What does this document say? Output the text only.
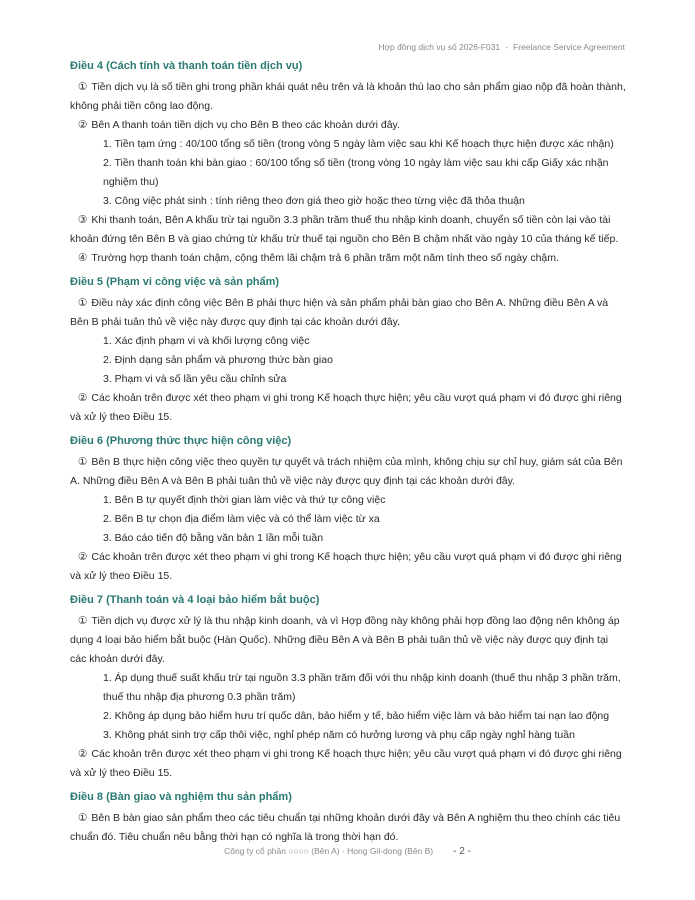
Hợp đồng dịch vụ số 2026-F031 - Freelance Service Agreement
Điều 4 (Cách tính và thanh toán tiền dịch vụ)

① Tiền dịch vụ là số tiền ghi trong phần khái quát nêu trên và là khoản thù lao cho sản phẩm giao nộp đã hoàn thành, không phải tiền công lao động.

② Bên A thanh toán tiền dịch vụ cho Bên B theo các khoản dưới đây.

1. Tiền tạm ứng : 40/100 tổng số tiền (trong vòng 5 ngày làm việc sau khi Kế hoạch thực hiện được xác nhận)
2. Tiền thanh toán khi bàn giao : 60/100 tổng số tiền (trong vòng 10 ngày làm việc sau khi cấp Giấy xác nhận nghiệm thu)
3. Công việc phát sinh : tính riêng theo đơn giá theo giờ hoặc theo từng việc đã thỏa thuận

③ Khi thanh toán, Bên A khấu trừ tại nguồn 3.3 phần trăm thuế thu nhập kinh doanh, chuyển số tiền còn lại vào tài khoản đứng tên Bên B và giao chứng từ khấu trừ thuế tại nguồn cho Bên B chậm nhất vào ngày 10 của tháng kế tiếp.

④ Trường hợp thanh toán chậm, cộng thêm lãi chậm trả 6 phần trăm một năm tính theo số ngày chậm.

Điều 5 (Phạm vi công việc và sản phẩm)

① Điều này xác định công việc Bên B phải thực hiện và sản phẩm phải bàn giao cho Bên A. Những điều Bên A và Bên B phải tuân thủ về việc này được quy định tại các khoản dưới đây.

1. Xác định phạm vi và khối lượng công việc
2. Định dạng sản phẩm và phương thức bàn giao
3. Phạm vi và số lần yêu cầu chỉnh sửa

② Các khoản trên được xét theo phạm vi ghi trong Kế hoạch thực hiện; yêu cầu vượt quá phạm vi đó được ghi riêng và xử lý theo Điều 15.

Điều 6 (Phương thức thực hiện công việc)

① Bên B thực hiện công việc theo quyền tự quyết và trách nhiệm của mình, không chịu sự chỉ huy, giám sát của Bên A. Những điều Bên A và Bên B phải tuân thủ về việc này được quy định tại các khoản dưới đây.

1. Bên B tự quyết định thời gian làm việc và thứ tự công việc
2. Bên B tự chọn địa điểm làm việc và có thể làm việc từ xa
3. Báo cáo tiến độ bằng văn bản 1 lần mỗi tuần

② Các khoản trên được xét theo phạm vi ghi trong Kế hoạch thực hiện; yêu cầu vượt quá phạm vi đó được ghi riêng và xử lý theo Điều 15.

Điều 7 (Thanh toán và 4 loại bảo hiểm bắt buộc)

① Tiền dịch vụ được xử lý là thu nhập kinh doanh, và vì Hợp đồng này không phải hợp đồng lao động nên không áp dụng 4 loại bảo hiểm bắt buộc (Hàn Quốc). Những điều Bên A và Bên B phải tuân thủ về việc này được quy định tại các khoản dưới đây.

1. Áp dụng thuế suất khấu trừ tại nguồn 3.3 phần trăm đối với thu nhập kinh doanh (thuế thu nhập 3 phần trăm, thuế thu nhập địa phương 0.3 phần trăm)
2. Không áp dụng bảo hiểm hưu trí quốc dân, bảo hiểm y tế, bảo hiểm việc làm và bảo hiểm tai nạn lao động
3. Không phát sinh trợ cấp thôi việc, nghỉ phép năm có hưởng lương và phụ cấp ngày nghỉ hàng tuần

② Các khoản trên được xét theo phạm vi ghi trong Kế hoạch thực hiện; yêu cầu vượt quá phạm vi đó được ghi riêng và xử lý theo Điều 15.

Điều 8 (Bàn giao và nghiệm thu sản phẩm)

① Bên B bàn giao sản phẩm theo các tiêu chuẩn tại những khoản dưới đây và Bên A nghiệm thu theo chính các tiêu chuẩn đó. Tiêu chuẩn nêu bằng thời hạn có nghĩa là trong thời hạn đó.

Công ty cổ phần ○○○○ (Bên A) · Hong Gil-dong (Bên B) - 2 -
